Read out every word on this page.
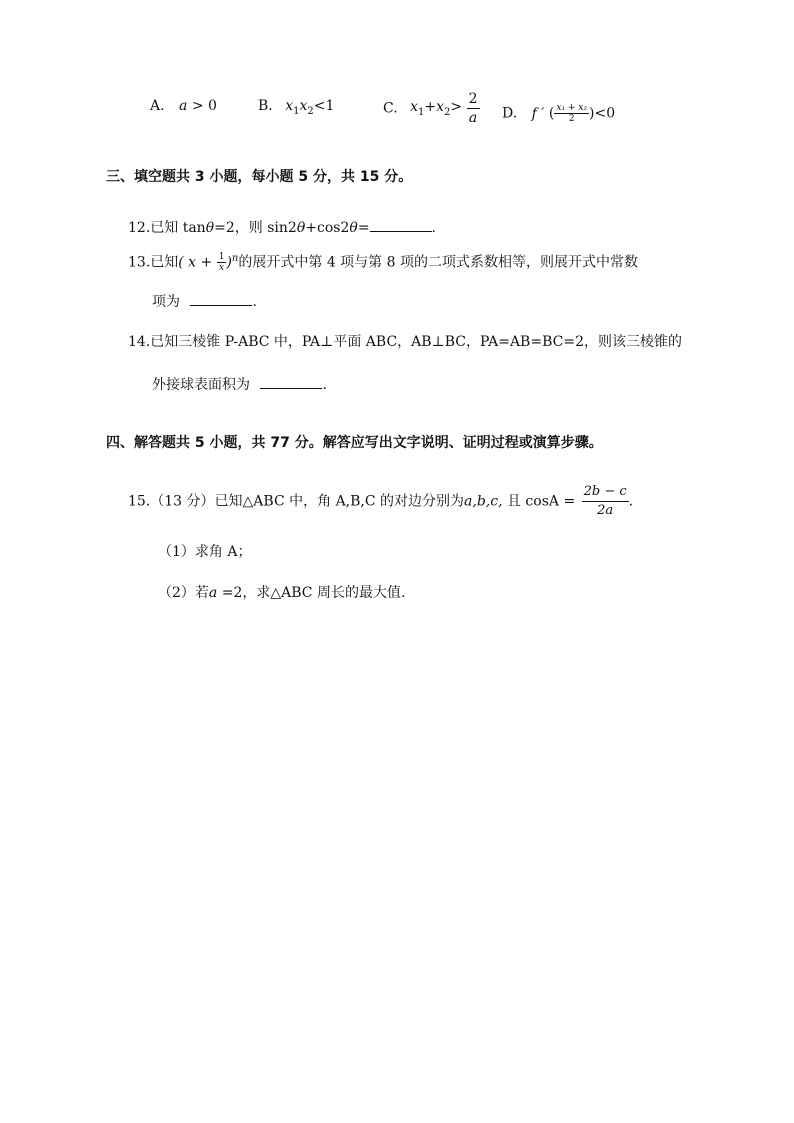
A. a > 0	B. $x_1x_2<1$	C. $x_1+x_2> \frac{2}{a} D$. f ′ ( $\frac{\text{x₁ + x₂}}{2} )<0$
三、填空题共 3 小题，每小题 5 分，共 15 分。
12.已知 tanθ=2，则 sin2θ+cos2θ=	.
13.已知( $x + \frac{1}{x} )^n$的展开式中第 4 项与第 8 项的二项式系数相等，则展开式中常数
项为	.
14.已知三棱锥 P-ABC 中，PA⊥平面 ABC，AB⊥BC，PA=AB=BC=2，则该三棱锥的
外接球表面积为	.
四、解答题共 5 小题，共 77 分。解答应写出文字说明、证明过程或演算步骤。
15.（13 分）已知△ABC 中，角 A,B,C 的对边分别为a,b,c, 且 $\cos A = \frac{2b - c}{2a}$ .
（1）求角 A；
（2）若a =2，求△ABC 周长的最大值.
